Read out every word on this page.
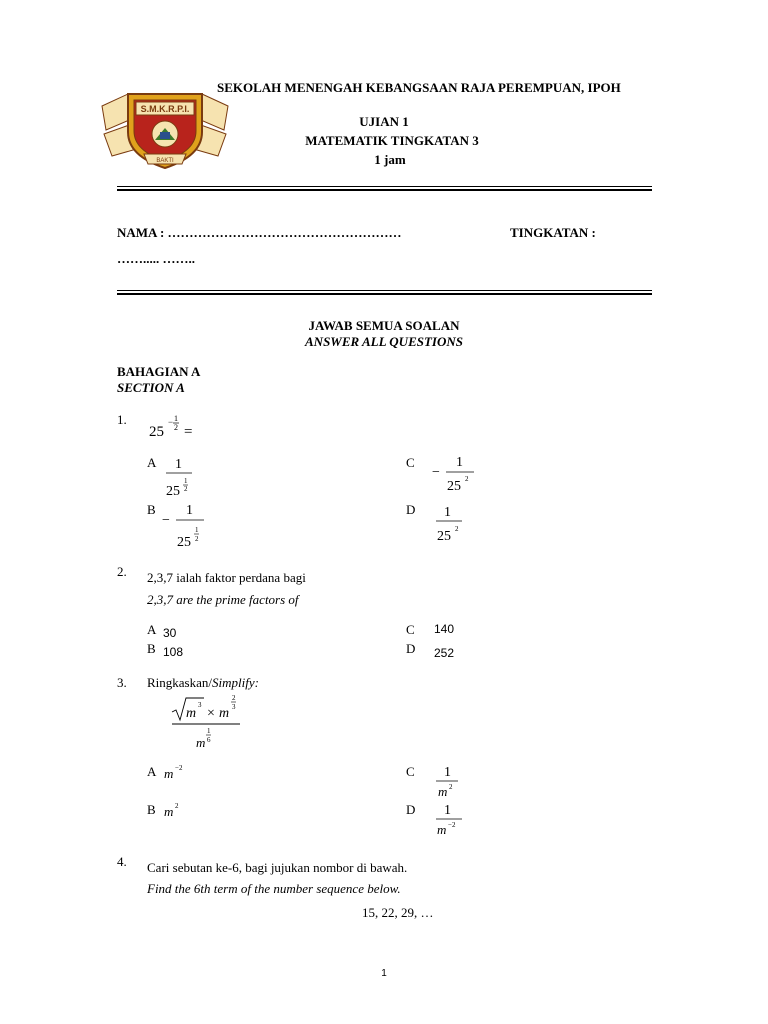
S.M.K.R.P.I.
BAKTI
SEKOLAH MENENGAH KEBANGSAAN RAJA PEREMPUAN, IPOH
UJIAN 1
MATEMATIK TINGKATAN 3
1 jam
NAMA : ………………………………………………	TINGKATAN :
……..... ……..
JAWAB SEMUA SOALAN
ANSWER ALL QUESTIONS
BAHAGIAN A
SECTION A
1.
25
− 1
2 =
A 1
25
1
2
B
−
1
25
1
2
C
−
1
25 2
D 1
25 2
2. 2,3,7 ialah faktor perdana bagi
2,3,7 are the prime factors of
A 30
B 108
C 140
D 252
3. Ringkaskan/Simplify:
m
3
× m
2
3
1
6
m
A m −2
B m 2
C 1
m 2
D 1
m −2
4. Cari sebutan ke-6, bagi jujukan nombor di bawah.
Find the 6th term of the number sequence below.
15, 22, 29, …
1
